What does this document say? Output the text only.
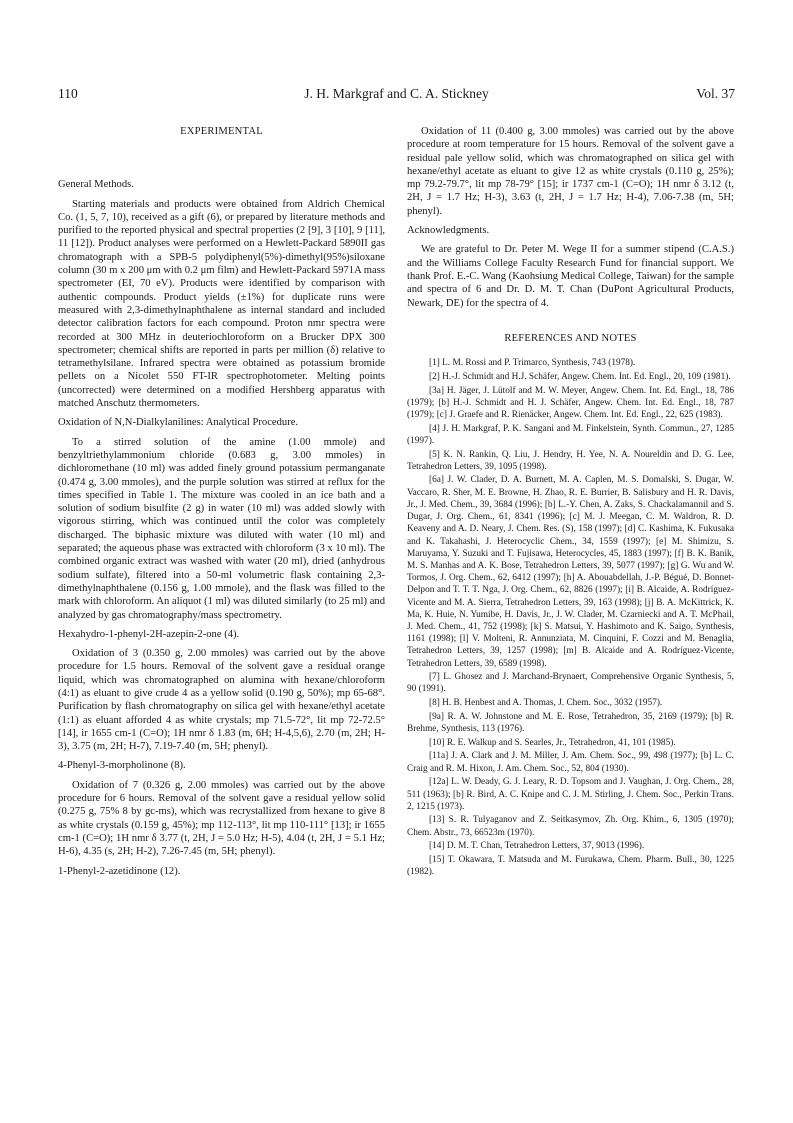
110	J. H. Markgraf and C. A. Stickney	Vol. 37
EXPERIMENTAL
General Methods.

Starting materials and products were obtained from Aldrich Chemical Co. (1, 5, 7, 10), received as a gift (6), or prepared by literature methods and purified to the reported physical and spectral properties (2 [9], 3 [10], 9 [11], 11 [12]). Product analyses were performed on a Hewlett-Packard 5890II gas chromatograph with a SPB-5 polydiphenyl(5%)-dimethyl(95%)siloxane column (30 m x 200 μm with 0.2 μm film) and Hewlett-Packard 5971A mass spectrometer (EI, 70 eV). Products were identified by comparison with authentic compounds. Product yields (±1%) for duplicate runs were measured with 2,3-dimethylnaphthalene as internal standard and included detector calibration factors for each compound. Proton nmr spectra were recorded at 300 MHz in deuteriochloroform on a Brucker DPX 300 spectrometer; chemical shifts are reported in parts per million (δ) relative to tetramethylsilane. Infrared spectra were obtained as potassium bromide pellets on a Nicolet 550 FT-IR spectrophotometer. Melting points (uncorrected) were determined on a modified Hershberg apparatus with matched Anschutz thermometers.

Oxidation of N,N-Dialkylanilines: Analytical Procedure.

To a stirred solution of the amine (1.00 mmole) and benzyltriethylammonium chloride (0.683 g, 3.00 mmoles) in dichloromethane (10 ml) was added finely ground potassium permanganate (0.474 g, 3.00 mmoles), and the purple solution was stirred at reflux for the times specified in Table 1. The mixture was cooled in an ice bath and a solution of sodium bisulfite (2 g) in water (10 ml) was added slowly with vigorous stirring, which was continued until the color was completely discharged. The biphasic mixture was diluted with water (10 ml) and separated; the aqueous phase was extracted with chloroform (3 x 10 ml). The combined organic extract was washed with water (20 ml), dried (anhydrous sodium sulfate), filtered into a 50-ml volumetric flask containing 2,3-dimethylnaphthalene (0.156 g, 1.00 mmole), and the flask was filled to the mark with chloroform. An aliquot (1 ml) was diluted similarly (to 25 ml) and analyzed by gas chromatography/mass spectrometry.

Hexahydro-1-phenyl-2H-azepin-2-one (4).

Oxidation of 3 (0.350 g, 2.00 mmoles) was carried out by the above procedure for 1.5 hours. Removal of the solvent gave a residual orange liquid, which was chromatographed on alumina with hexane/chloroform (4:1) as eluant to give crude 4 as a yellow solid (0.190 g, 50%); mp 65-68°. Purification by flash chromatography on silica gel with hexane/ethyl acetate (1:1) as eluant afforded 4 as white crystals; mp 71.5-72°, lit mp 72-72.5° [14], ir 1655 cm-1 (C=O); 1H nmr δ 1.83 (m, 6H; H-4,5,6), 2.70 (m, 2H; H-3), 3.75 (m, 2H; H-7), 7.19-7.40 (m, 5H; phenyl).

4-Phenyl-3-morpholinone (8).

Oxidation of 7 (0.326 g, 2.00 mmoles) was carried out by the above procedure for 6 hours. Removal of the solvent gave a residual yellow solid (0.275 g, 75% 8 by gc-ms), which was recrystallized from hexane to give 8 as white crystals (0.159 g, 45%); mp 112-113°, lit mp 110-111° [13]; ir 1655 cm-1 (C=O); 1H nmr δ 3.77 (t, 2H, J = 5.0 Hz; H-5), 4.04 (t, 2H, J = 5.1 Hz; H-6), 4.35 (s, 2H; H-2), 7.26-7.45 (m, 5H; phenyl).

1-Phenyl-2-azetidinone (12).

Oxidation of 11 (0.400 g, 3.00 mmoles) was carried out by the above procedure at room temperature for 15 hours. Removal of the solvent gave a residual pale yellow solid, which was chromatographed on silica gel with hexane/ethyl acetate as eluant to give 12 as white crystals (0.110 g, 25%); mp 79.2-79.7°, lit mp 78-79° [15]; ir 1737 cm-1 (C=O); 1H nmr δ 3.12 (t, 2H, J = 1.7 Hz; H-3), 3.63 (t, 2H, J = 1.7 Hz; H-4), 7.06-7.38 (m, 5H; phenyl).

Acknowledgments.

We are grateful to Dr. Peter M. Wege II for a summer stipend (C.A.S.) and the Williams College Faculty Research Fund for financial support. We thank Prof. E.-C. Wang (Kaohsiung Medical College, Taiwan) for the sample and spectra of 6 and Dr. D. M. T. Chan (DuPont Agricultural Products, Newark, DE) for the spectra of 4.

REFERENCES AND NOTES

[1] L. M. Rossi and P. Trimarco, Synthesis, 743 (1978).

[2] H.-J. Schmidt and H.J. Schäfer, Angew. Chem. Int. Ed. Engl., 20, 109 (1981).

[3a] H. Jäger, J. Lütolf and M. W. Meyer, Angew. Chem. Int. Ed. Engl., 18, 786 (1979); [b] H.-J. Schmidt and H. J. Schäfer, Angew. Chem. Int. Ed. Engl., 18, 787 (1979); [c] J. Graefe and R. Rienäcker, Angew. Chem. Int. Ed. Engl., 22, 625 (1983).

[4] J. H. Markgraf, P. K. Sangani and M. Finkelstein, Synth. Commun., 27, 1285 (1997).

[5] K. N. Rankin, Q. Liu, J. Hendry, H. Yee, N. A. Noureldin and D. G. Lee, Tetrahedron Letters, 39, 1095 (1998).

[6a] J. W. Clader, D. A. Burnett, M. A. Caplen, M. S. Domalski, S. Dugar, W. Vaccaro, R. Sher, M. E. Browne, H. Zhao, R. E. Burrier, B. Salisbury and H. R. Davis, Jr., J. Med. Chem., 39, 3684 (1996); [b] L.-Y. Chen, A. Zaks, S. Chackalamannil and S. Dugar, J. Org. Chem., 61, 8341 (1996); [c] M. J. Meegan, C. M. Waldron, R. D. Keaveny and A. D. Neary, J. Chem. Res. (S), 158 (1997); [d] C. Kashima, K. Fukusaka and K. Takahashi, J. Heterocyclic Chem., 34, 1559 (1997); [e] M. Shimizu, S. Maruyama, Y. Suzuki and T. Fujisawa, Heterocycles, 45, 1883 (1997); [f] B. K. Banik, M. S. Manhas and A. K. Bose, Tetrahedron Letters, 39, 5077 (1997); [g] G. Wu and W. Tormos, J. Org. Chem., 62, 6412 (1997); [h] A. Abouabdellah, J.-P. Bégué, D. Bonnet-Delpon and T. T. T. Nga, J. Org. Chem., 62, 8826 (1997); [i] B. Alcaide, A. Rodríguez-Vicente and M. A. Sierra, Tetrahedron Letters, 39, 163 (1998); [j] B. A. McKittrick, K. Ma, K. Huie, N. Yumibe, H. Davis, Jr., J. W. Clader, M. Czarniecki and A. T. McPhail, J. Med. Chem., 41, 752 (1998); [k] S. Matsui, Y. Hashimoto and K. Saigo, Synthesis, 1161 (1998); [l] V. Molteni, R. Annunziata, M. Cinquini, F. Cozzi and M. Benaglia, Tetrahedron Letters, 39, 1257 (1998); [m] B. Alcaide and A. Rodríguez-Vicente, Tetrahedron Letters, 39, 6589 (1998).

[7] L. Ghosez and J. Marchand-Brynaert, Comprehensive Organic Synthesis, 5, 90 (1991).

[8] H. B. Henbest and A. Thomas, J. Chem. Soc., 3032 (1957).

[9a] R. A. W. Johnstone and M. E. Rose, Tetrahedron, 35, 2169 (1979); [b] R. Brehme, Synthesis, 113 (1976).

[10] R. E. Walkup and S. Searles, Jr., Tetrahedron, 41, 101 (1985).

[11a] J. A. Clark and J. M. Miller, J. Am. Chem. Soc., 99, 498 (1977); [b] L. C. Craig and R. M. Hixon, J. Am. Chem. Soc., 52, 804 (1930).

[12a] L. W. Deady, G. J. Leary, R. D. Topsom and J. Vaughan, J. Org. Chem., 28, 511 (1963); [b] R. Bird, A. C. Knipe and C. J. M. Stirling, J. Chem. Soc., Perkin Trans. 2, 1215 (1973).

[13] S. R. Tulyaganov and Z. Seitkasymov, Zh. Org. Khim., 6, 1305 (1970); Chem. Abstr., 73, 66523m (1970).

[14] D. M. T. Chan, Tetrahedron Letters, 37, 9013 (1996).

[15] T. Okawara, T. Matsuda and M. Furukawa, Chem. Pharm. Bull., 30, 1225 (1982).
